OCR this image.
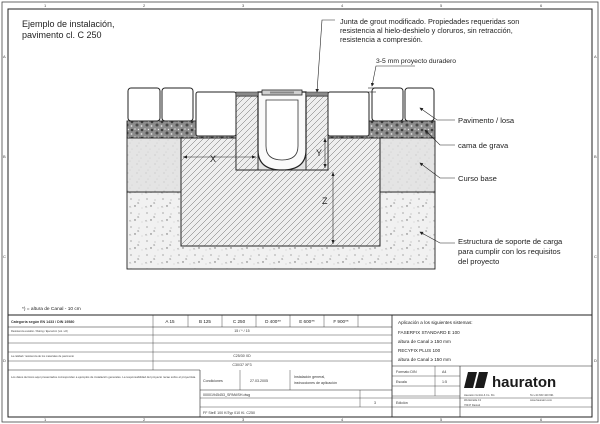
1	2	3	4	5	6
1	2	3	4	5	6
A
B
C
D
A
B
C
D
Ejemplo de instalación,
pavimento cl. C 250
X
Y
Z
Junta de grout modificado. Propiedades requeridas son
resistencia al hielo-deshielo y cloruros, sin retracción,
resistencia a compresión.
3-5 mm proyecto duradero
Pavimento / losa
cama de grava
Curso base
Estructura de soporte de carga
para cumplir con los requisitos
del proyecto
*) = altura de Canal - 10 cm
Categoría según EN 1433 / DIN 19580	A 15	B 125	C 250	D 400**	E 600**	F 900**
Resistencia escalón / Rating / Ejecución (vol. x/d)	15 / * / 15
La calidad / resistencia de los materiales de pavimento	C25/30 XD
C30/37 XF3
Aplicación a los siguientes sistemas:
FASERFIX STANDARD E 100
altura de Canal ≥ 150 mm
RECYFIX PLUS 100
altura de Canal ≥ 150 mm
Los datos técnicos aquí presentados corresponden a ejemplos de instalación generales. La responsabilidad del proyecto recae sobre el proyectista.
Condiciones	27.03.2005
Instalación general,
instrucciones de aplicación
00001945453_SPANISH.dwg
3
FF SteE 100 KiTyp 010 Kl. C250
Formato DIN	A4
Escala	1:5
Edición
hauraton
Hauraton GmbH & Co. KG
Werkstraße 13
76437 Rastatt
Tel +34 663 420 991
www.hauraton.com
